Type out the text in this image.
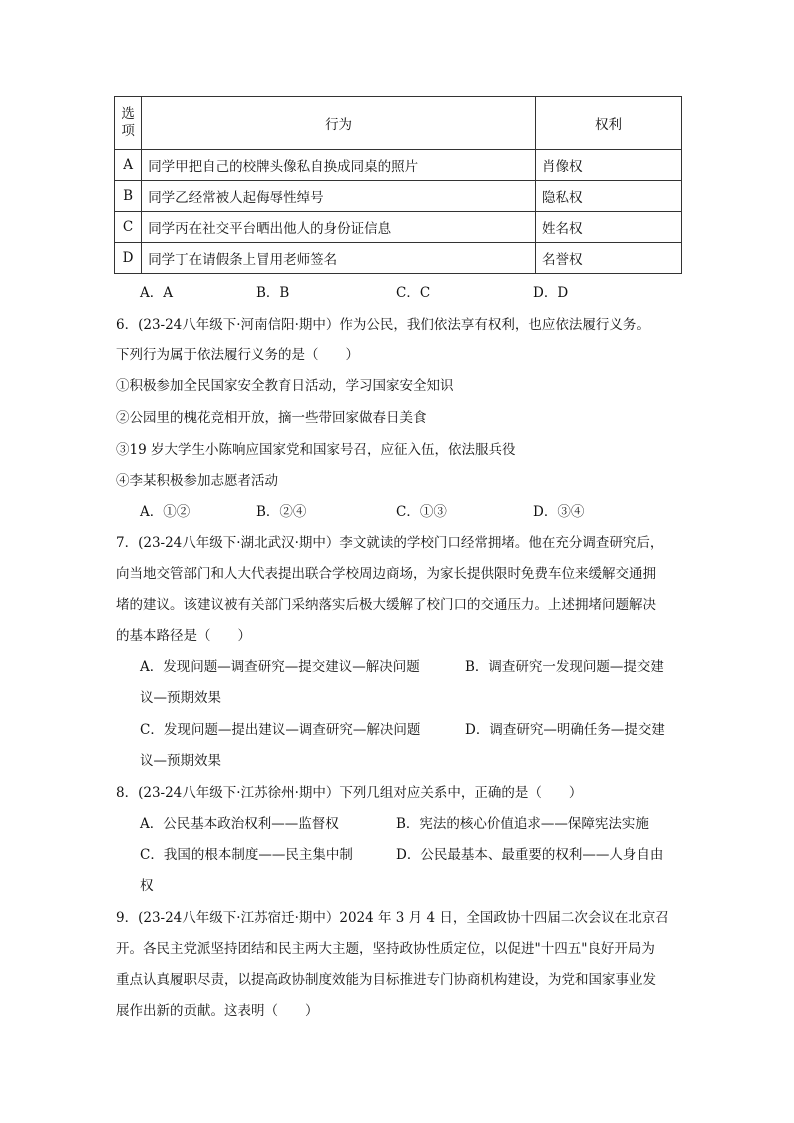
选项	行为	权利
A	同学甲把自己的校牌头像私自换成同桌的照片	肖像权
B	同学乙经常被人起侮辱性绰号	隐私权
C	同学丙在社交平台晒出他人的身份证信息	姓名权
D	同学丁在请假条上冒用老师签名	名誉权
A．A	B．B	C．C	D．D
6．(23-24八年级下·河南信阳·期中）作为公民，我们依法享有权利，也应依法履行义务。
下列行为属于依法履行义务的是（　　）
①积极参加全民国家安全教育日活动，学习国家安全知识
②公园里的槐花竞相开放，摘一些带回家做春日美食
③19 岁大学生小陈响应国家党和国家号召，应征入伍，依法服兵役
④李某积极参加志愿者活动
A．①②	B．②④	C．①③	D．③④
7．(23-24八年级下·湖北武汉·期中）李文就读的学校门口经常拥堵。他在充分调查研究后，
向当地交管部门和人大代表提出联合学校周边商场，为家长提供限时免费车位来缓解交通拥
堵的建议。该建议被有关部门采纳落实后极大缓解了校门口的交通压力。上述拥堵问题解决
的基本路径是（　　）
A．发现问题—调查研究—提交建议—解决问题	B．调查研究一发现问题—提交建
议—预期效果
C．发现问题—提出建议—调查研究—解决问题	D．调查研究—明确任务—提交建
议—预期效果
8．(23-24八年级下·江苏徐州·期中）下列几组对应关系中，正确的是（　　）
A．公民基本政治权利——监督权	B．宪法的核心价值追求——保障宪法实施
C．我国的根本制度——民主集中制	D．公民最基本、最重要的权利——人身自由
权
9．(23-24八年级下·江苏宿迁·期中）2024 年 3 月 4 日，全国政协十四届二次会议在北京召
开。各民主党派坚持团结和民主两大主题，坚持政协性质定位，以促进"十四五"良好开局为
重点认真履职尽责，以提高政协制度效能为目标推进专门协商机构建设，为党和国家事业发
展作出新的贡献。这表明（　　）
